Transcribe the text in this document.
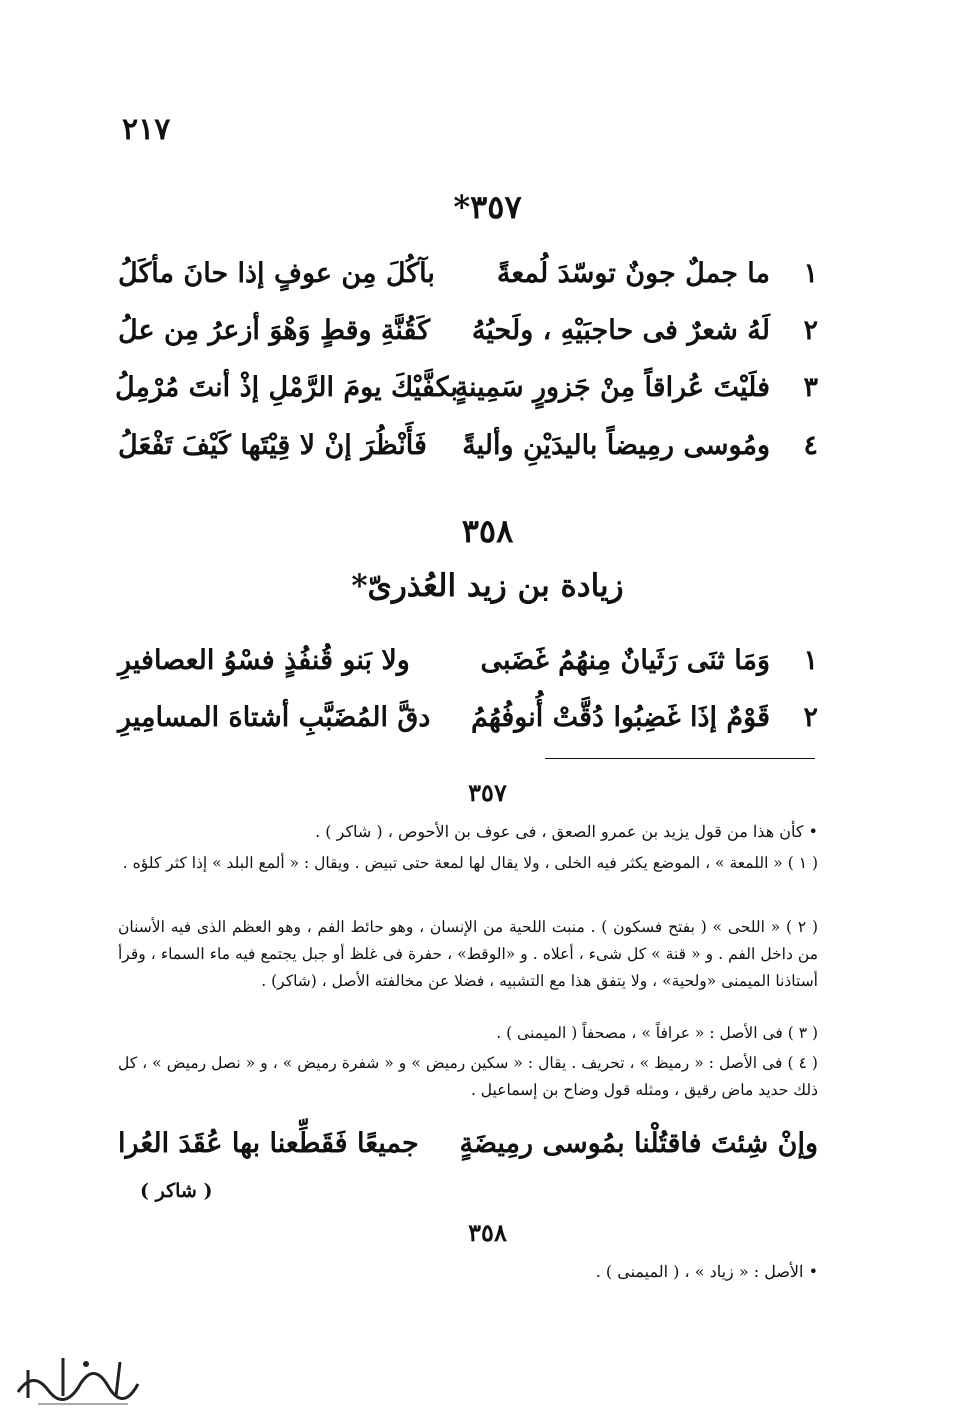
٢١٧
٣٥٧*
١
ما جملٌ جونٌ توسّدَ لُمعةً
بآكُلَ مِن عوفٍ إذا حانَ مأكَلُ
٢
لَهُ شعرٌ فى حاجبَيْهِ ، ولَحيُهُ
كَقُنَّةِ وقطٍ وَهْوَ أزعرُ مِن علُ
٣
فلَيْتَ عُراقاً مِنْ جَزورٍ سَمِينةٍ
بكفَّيْكَ يومَ الرَّمْلِ إذْ أنتَ مُرْمِلُ
٤
ومُوسى رمِيضاً باليدَيْنِ وأليةً
فَأَنْظُرَ إنْ لا قِيْتَها كَيْفَ تَفْعَلُ
٣٥٨
زيادة بن زيد العُذرىّ*
١
وَمَا ثنَى رَثَيانٌ مِنهُمُ غَضَبى
ولا بَنو قُنفُذٍ فسْوُ العصافيرِ
٢
قَوْمٌ إذَا غَضِبُوا دُقَّتْ أُنوفُهُمُ
دقَّ المُضَبَّبِ أشتاهَ المسامِيرِ
٣٥٧
• كأن هذا من قول يزيد بن عمرو الصعق ، فى عوف بن الأحوص ، ( شاكر ) .
( ١ ) « اللمعة » ، الموضع يكثر فيه الخلى ، ولا يقال لها لمعة حتى تبيض . ويقال : « ألمع البلد » إذا كثر كلؤه .
( ٢ ) « اللحى » ( بفتح فسكون ) . منبت اللحية من الإنسان ، وهو حائط الفم ، وهو العظم الذى فيه الأسنان من داخل الفم . و « قنة » كل شىء ، أعلاه . و «الوقط» ، حفرة فى غلظ أو جبل يجتمع فيه ماء السماء ، وقرأ أستاذنا الميمنى «ولحية» ، ولا يتفق هذا مع التشبيه ، فضلا عن مخالفته الأصل ، (شاكر) .
( ٣ ) فى الأصل : « عرافاً » ، مصحفاً ( الميمنى ) .
( ٤ ) فى الأصل : « رميظ » ، تحريف . يقال : « سكين رميض » و « شفرة رميض » ، و « نصل رميض » ، كل ذلك حديد ماض رقيق ، ومثله قول وضاح بن إسماعيل .
وإنْ شِئتَ فاقتُلْنا بمُوسى رمِيضَةٍ
جميعًا فَقَطِّعنا بها عُقَدَ العُرا
( شاكر )
٣٥٨
• الأصل : « زياد » ، ( الميمنى ) .
